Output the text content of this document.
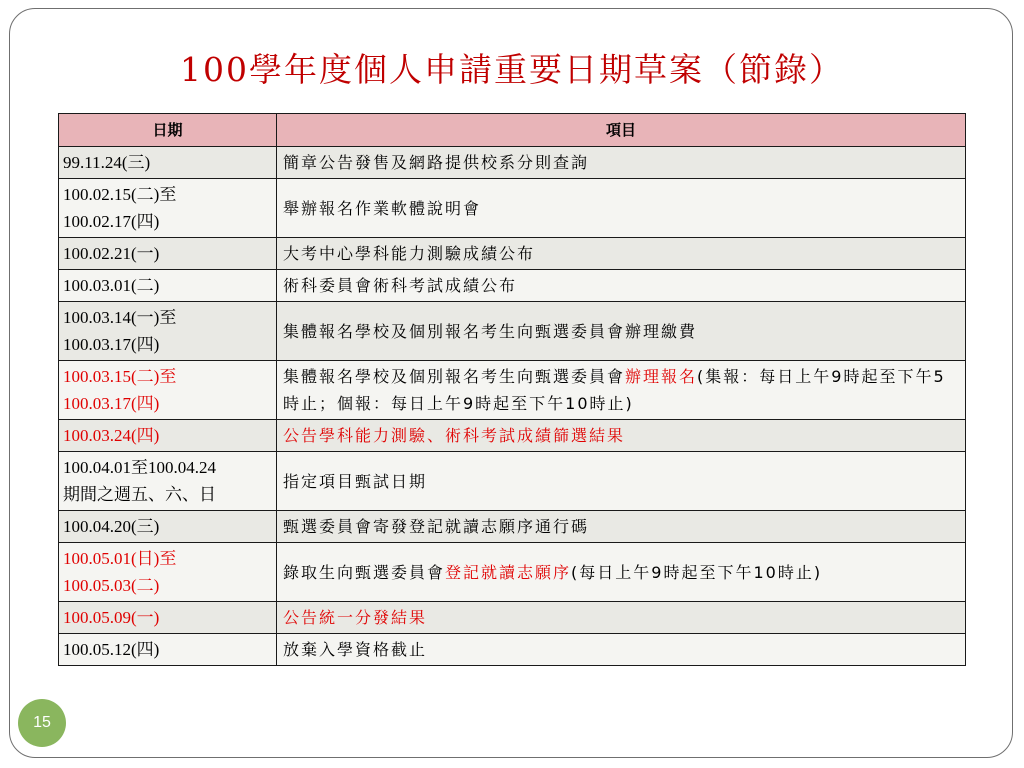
100學年度個人申請重要日期草案（節錄）
日期	項目
99.11.24(三)	簡章公告發售及網路提供校系分則查詢
100.02.15(二)至
100.02.17(四)	舉辦報名作業軟體說明會
100.02.21(一)	大考中心學科能力測驗成績公布
100.03.01(二)	術科委員會術科考試成績公布
100.03.14(一)至
100.03.17(四)	集體報名學校及個別報名考生向甄選委員會辦理繳費
100.03.15(二)至
100.03.17(四)	集體報名學校及個別報名考生向甄選委員會辦理報名(集報：每日上午9時起至下午5時止；個報：每日上午9時起至下午10時止)
100.03.24(四)	公告學科能力測驗、術科考試成績篩選結果
100.04.01至100.04.24
期間之週五、六、日	指定項目甄試日期
100.04.20(三)	甄選委員會寄發登記就讀志願序通行碼
100.05.01(日)至
100.05.03(二)	錄取生向甄選委員會登記就讀志願序(每日上午9時起至下午10時止)
100.05.09(一)	公告統一分發結果
100.05.12(四)	放棄入學資格截止
15
